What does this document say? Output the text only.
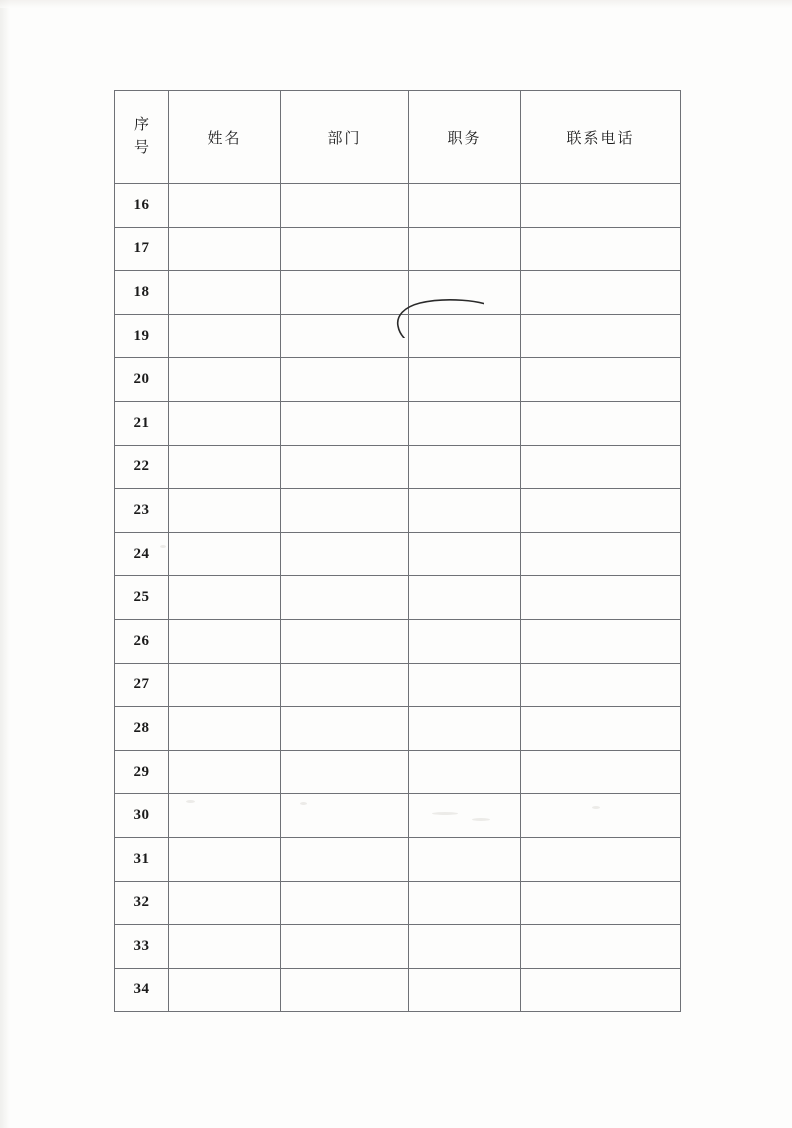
序
号	姓名	部门	职务	联系电话
16				
17				
18				
19				
20				
21				
22				
23				
24				
25				
26				
27				
28				
29				
30				
31				
32				
33				
34				
